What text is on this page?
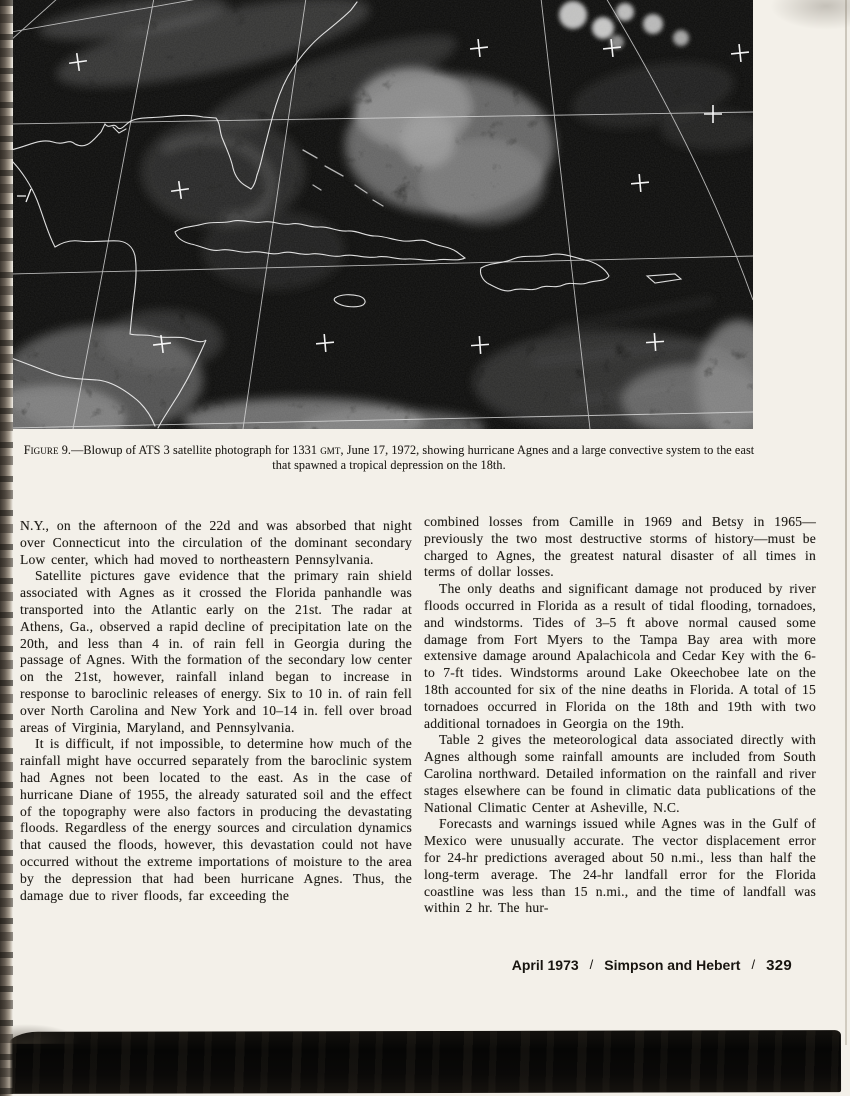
Figure 9.—Blowup of ATS 3 satellite photograph for 1331 gmt, June 17, 1972, showing hurricane Agnes and a large convective system to the east that spawned a tropical depression on the 18th.

N.Y., on the afternoon of the 22d and was absorbed that night over Connecticut into the circulation of the dominant secondary Low center, which had moved to northeastern Pennsylvania.

Satellite pictures gave evidence that the primary rain shield associated with Agnes as it crossed the Florida panhandle was transported into the Atlantic early on the 21st. The radar at Athens, Ga., observed a rapid decline of precipitation late on the 20th, and less than 4 in. of rain fell in Georgia during the passage of Agnes. With the formation of the secondary low center on the 21st, however, rainfall inland began to increase in response to baroclinic releases of energy. Six to 10 in. of rain fell over North Carolina and New York and 10–14 in. fell over broad areas of Virginia, Maryland, and Pennsylvania.

It is difficult, if not impossible, to determine how much of the rainfall might have occurred separately from the baroclinic system had Agnes not been located to the east. As in the case of hurricane Diane of 1955, the already saturated soil and the effect of the topography were also factors in producing the devastating floods. Regardless of the energy sources and circulation dynamics that caused the floods, however, this devastation could not have occurred without the extreme importations of moisture to the area by the depression that had been hurricane Agnes. Thus, the damage due to river floods, far exceeding the

combined losses from Camille in 1969 and Betsy in 1965—previously the two most destructive storms of history—must be charged to Agnes, the greatest natural disaster of all times in terms of dollar losses.

The only deaths and significant damage not produced by river floods occurred in Florida as a result of tidal flooding, tornadoes, and windstorms. Tides of 3–5 ft above normal caused some damage from Fort Myers to the Tampa Bay area with more extensive damage around Apalachicola and Cedar Key with the 6- to 7-ft tides. Windstorms around Lake Okeechobee late on the 18th accounted for six of the nine deaths in Florida. A total of 15 tornadoes occurred in Florida on the 18th and 19th with two additional tornadoes in Georgia on the 19th.

Table 2 gives the meteorological data associated directly with Agnes although some rainfall amounts are included from South Carolina northward. Detailed information on the rainfall and river stages elsewhere can be found in climatic data publications of the National Climatic Center at Asheville, N.C.

Forecasts and warnings issued while Agnes was in the Gulf of Mexico were unusually accurate. The vector displacement error for 24-hr predictions averaged about 50 n.mi., less than half the long-term average. The 24-hr landfall error for the Florida coastline was less than 15 n.mi., and the time of landfall was within 2 hr. The hur-

April 1973 / Simpson and Hebert / 329
